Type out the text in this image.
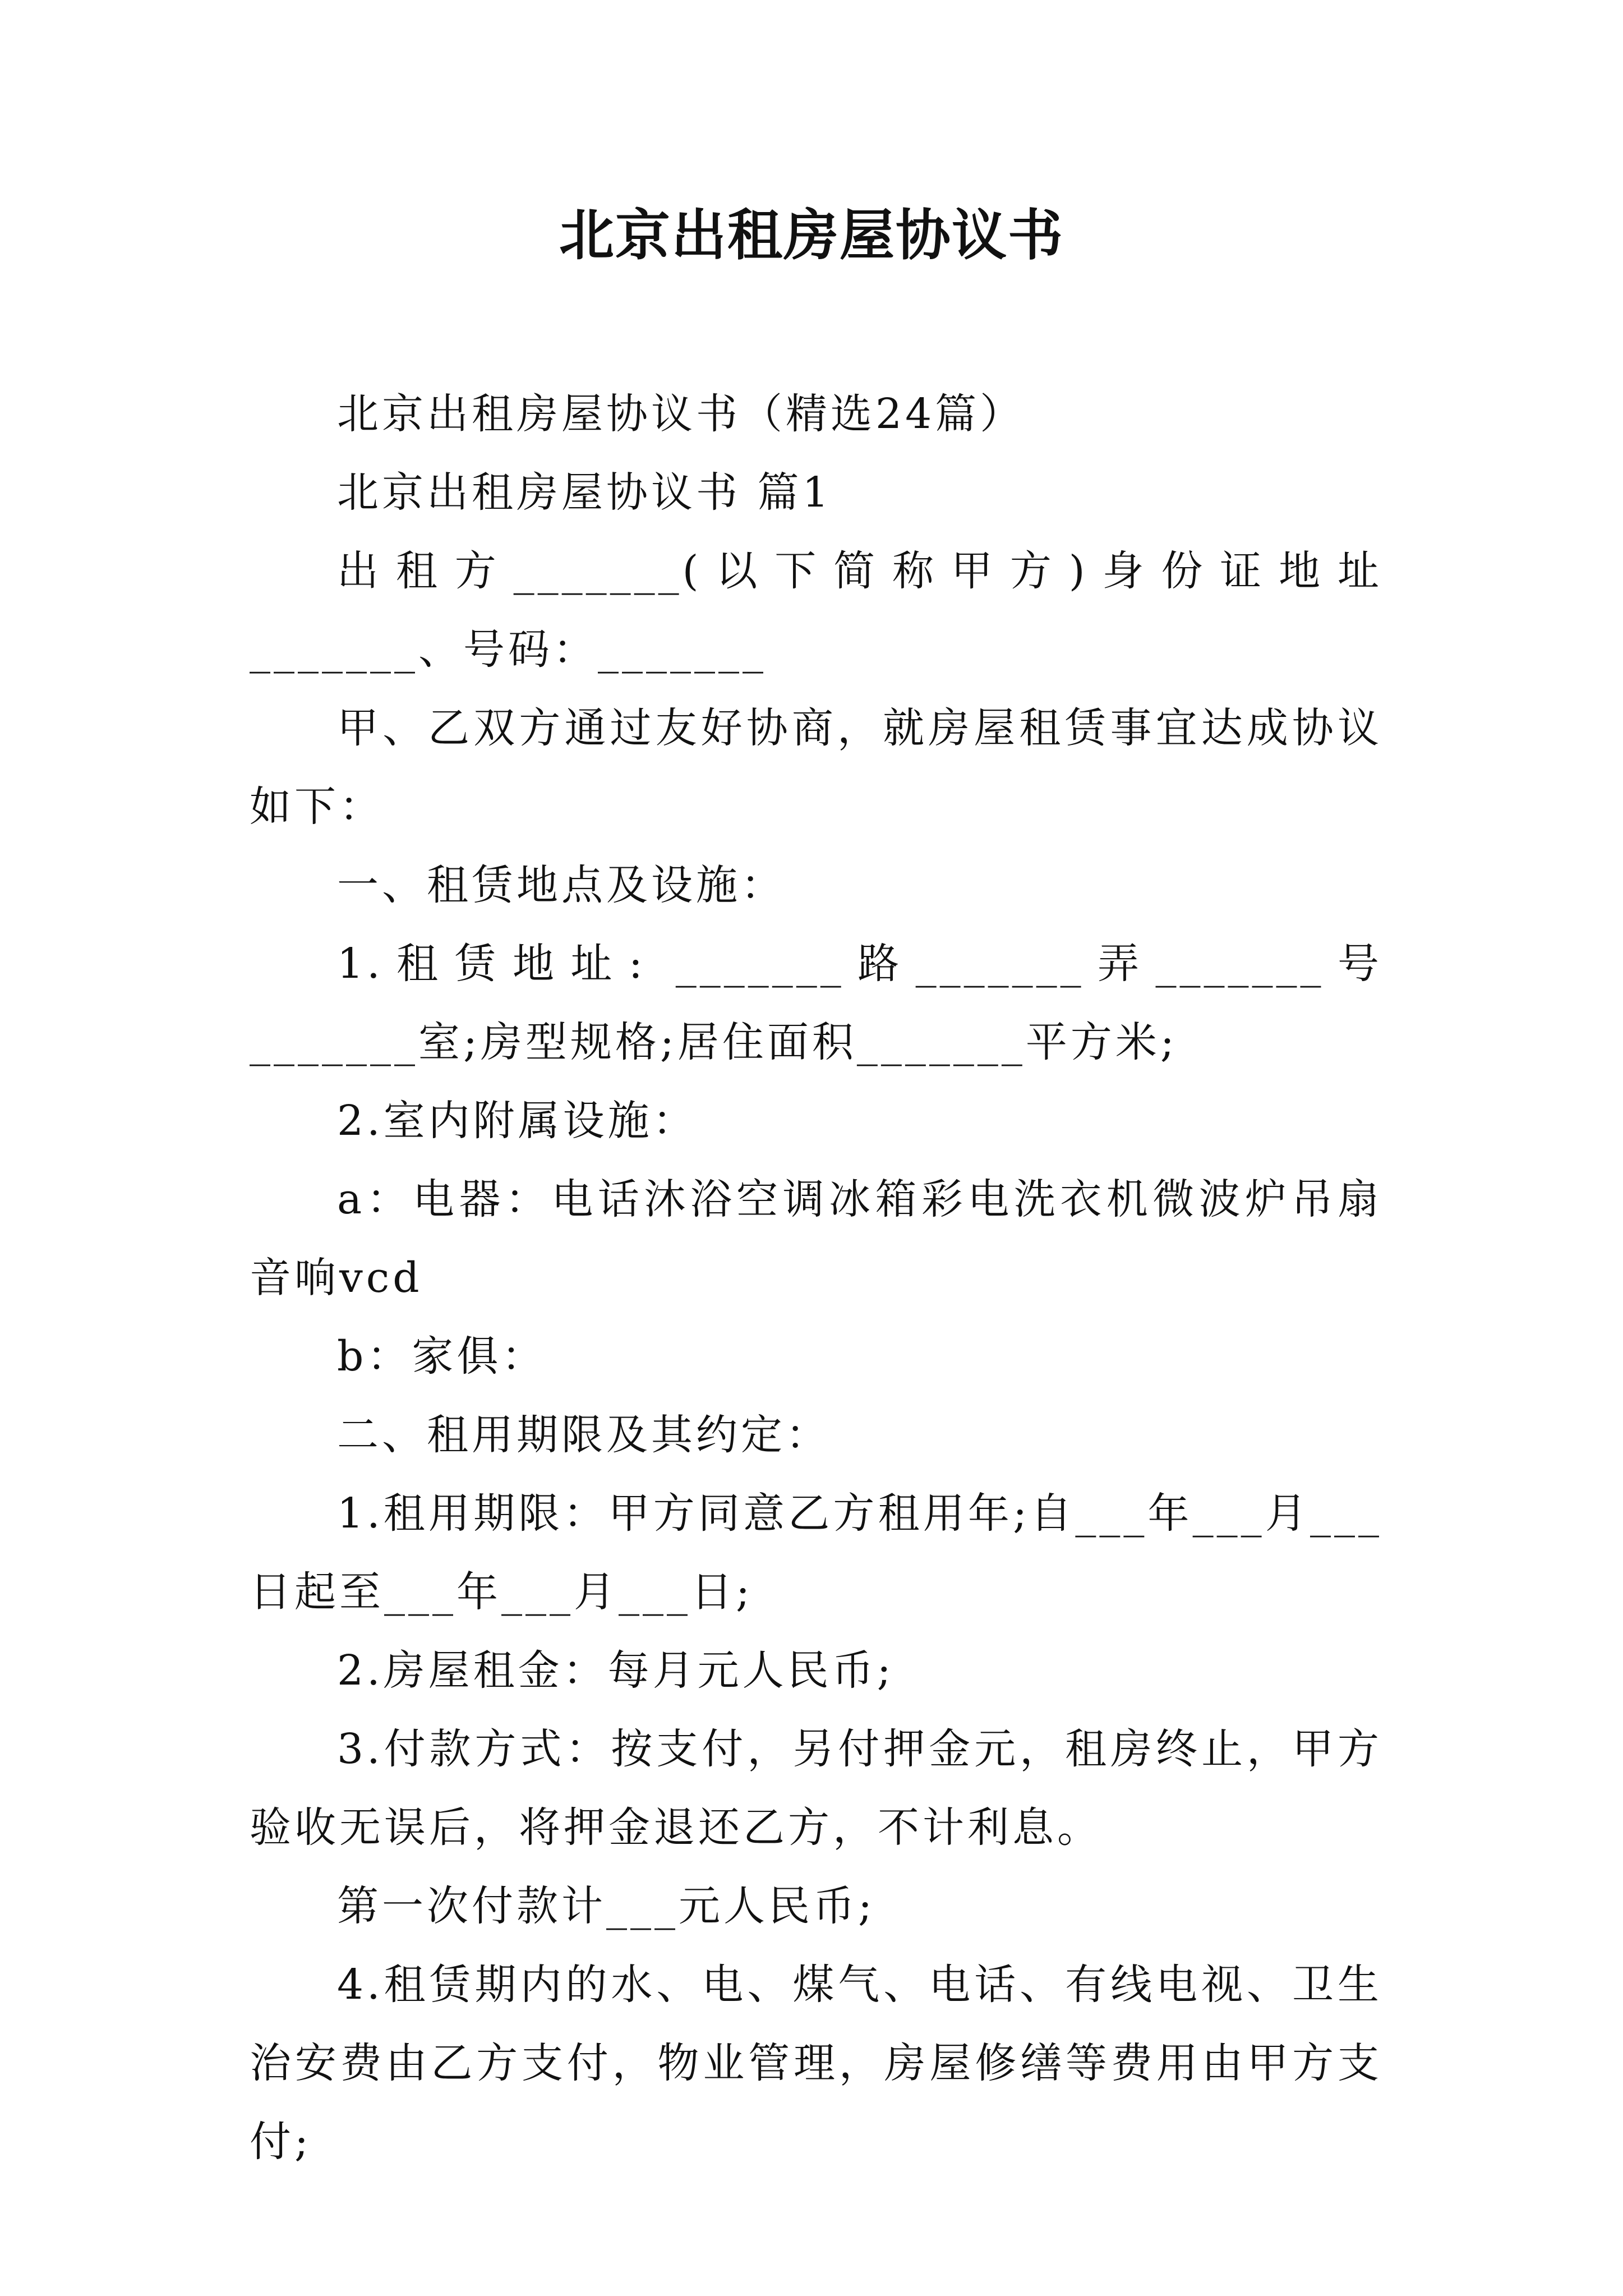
北京出租房屋协议书

北京出租房屋协议书（精选24篇）

北京出租房屋协议书 篇1

出租方_______(以下简称甲方)身份证地址_______、号码：_______

甲、乙双方通过友好协商，就房屋租赁事宜达成协议如下：

一、租赁地点及设施：

1.租赁地址: _______路_______弄_______号_______室;房型规格;居住面积_______平方米;

2.室内附属设施：

a：电器：电话沐浴空调冰箱彩电洗衣机微波炉吊扇音响vcd

b：家俱：

二、租用期限及其约定：

1.租用期限：甲方同意乙方租用年;自___年___月___日起至___年___月___日;

2.房屋租金：每月元人民币;

3.付款方式：按支付，另付押金元，租房终止，甲方验收无误后，将押金退还乙方，不计利息。

第一次付款计___元人民币;

4.租赁期内的水、电、煤气、电话、有线电视、卫生治安费由乙方支付，物业管理，房屋修缮等费用由甲方支付;
